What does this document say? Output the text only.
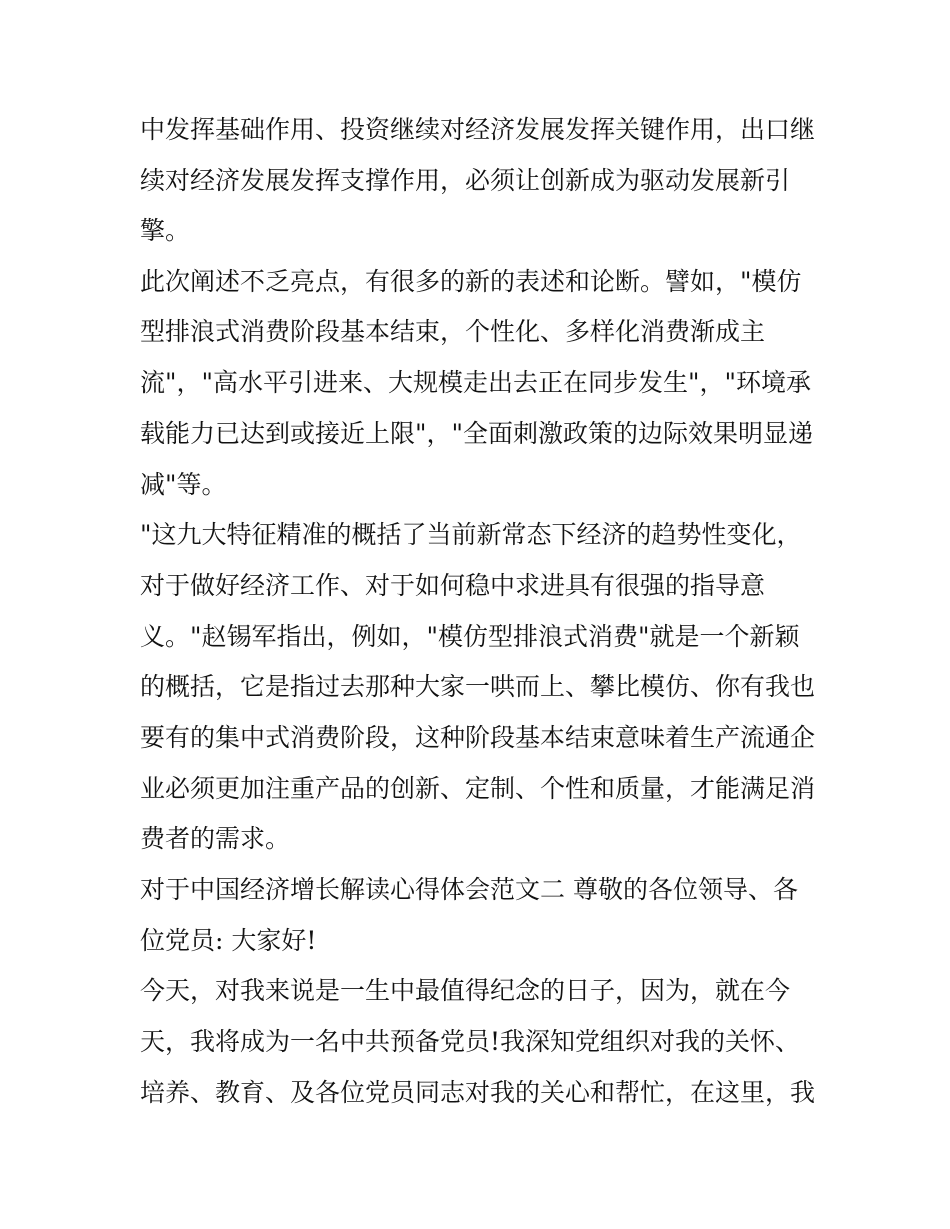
中发挥基础作用、投资继续对经济发展发挥关键作用，出口继

续对经济发展发挥支撑作用，必须让创新成为驱动发展新引

擎。

此次阐述不乏亮点，有很多的新的表述和论断。譬如，"模仿

型排浪式消费阶段基本结束，个性化、多样化消费渐成主

流"，"高水平引进来、大规模走出去正在同步发生"，"环境承

载能力已达到或接近上限"，"全面刺激政策的边际效果明显递

减"等。

"这九大特征精准的概括了当前新常态下经济的趋势性变化，

对于做好经济工作、对于如何稳中求进具有很强的指导意

义。"赵锡军指出，例如，"模仿型排浪式消费"就是一个新颖

的概括，它是指过去那种大家一哄而上、攀比模仿、你有我也

要有的集中式消费阶段，这种阶段基本结束意味着生产流通企

业必须更加注重产品的创新、定制、个性和质量，才能满足消

费者的需求。

对于中国经济增长解读心得体会范文二 尊敬的各位领导、各

位党员: 大家好!

今天，对我来说是一生中最值得纪念的日子，因为，就在今

天，我将成为一名中共预备党员!我深知党组织对我的关怀、

培养、教育、及各位党员同志对我的关心和帮忙，在这里，我
